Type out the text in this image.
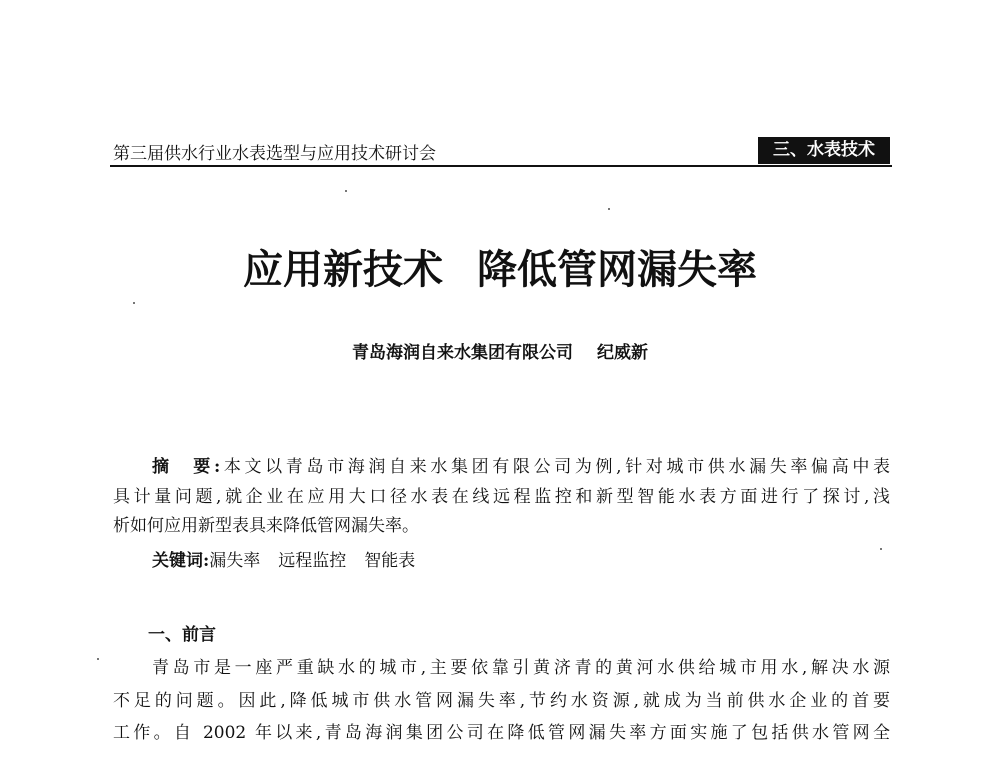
第三届供水行业水表选型与应用技术研讨会	三、水表技术
应用新技术 降低管网漏失率
青岛海润自来水集团有限公司 纪威新
摘　要:本文以青岛市海润自来水集团有限公司为例,针对城市供水漏失率偏高中表
具计量问题,就企业在应用大口径水表在线远程监控和新型智能水表方面进行了探讨,浅
析如何应用新型表具来降低管网漏失率。
关键词:漏失率 远程监控 智能表
一、前言
青岛市是一座严重缺水的城市,主要依靠引黄济青的黄河水供给城市用水,解决水源
不足的问题。因此,降低城市供水管网漏失率,节约水资源,就成为当前供水企业的首要
工作。自 2002 年以来,青岛海润集团公司在降低管网漏失率方面实施了包括供水管网全
